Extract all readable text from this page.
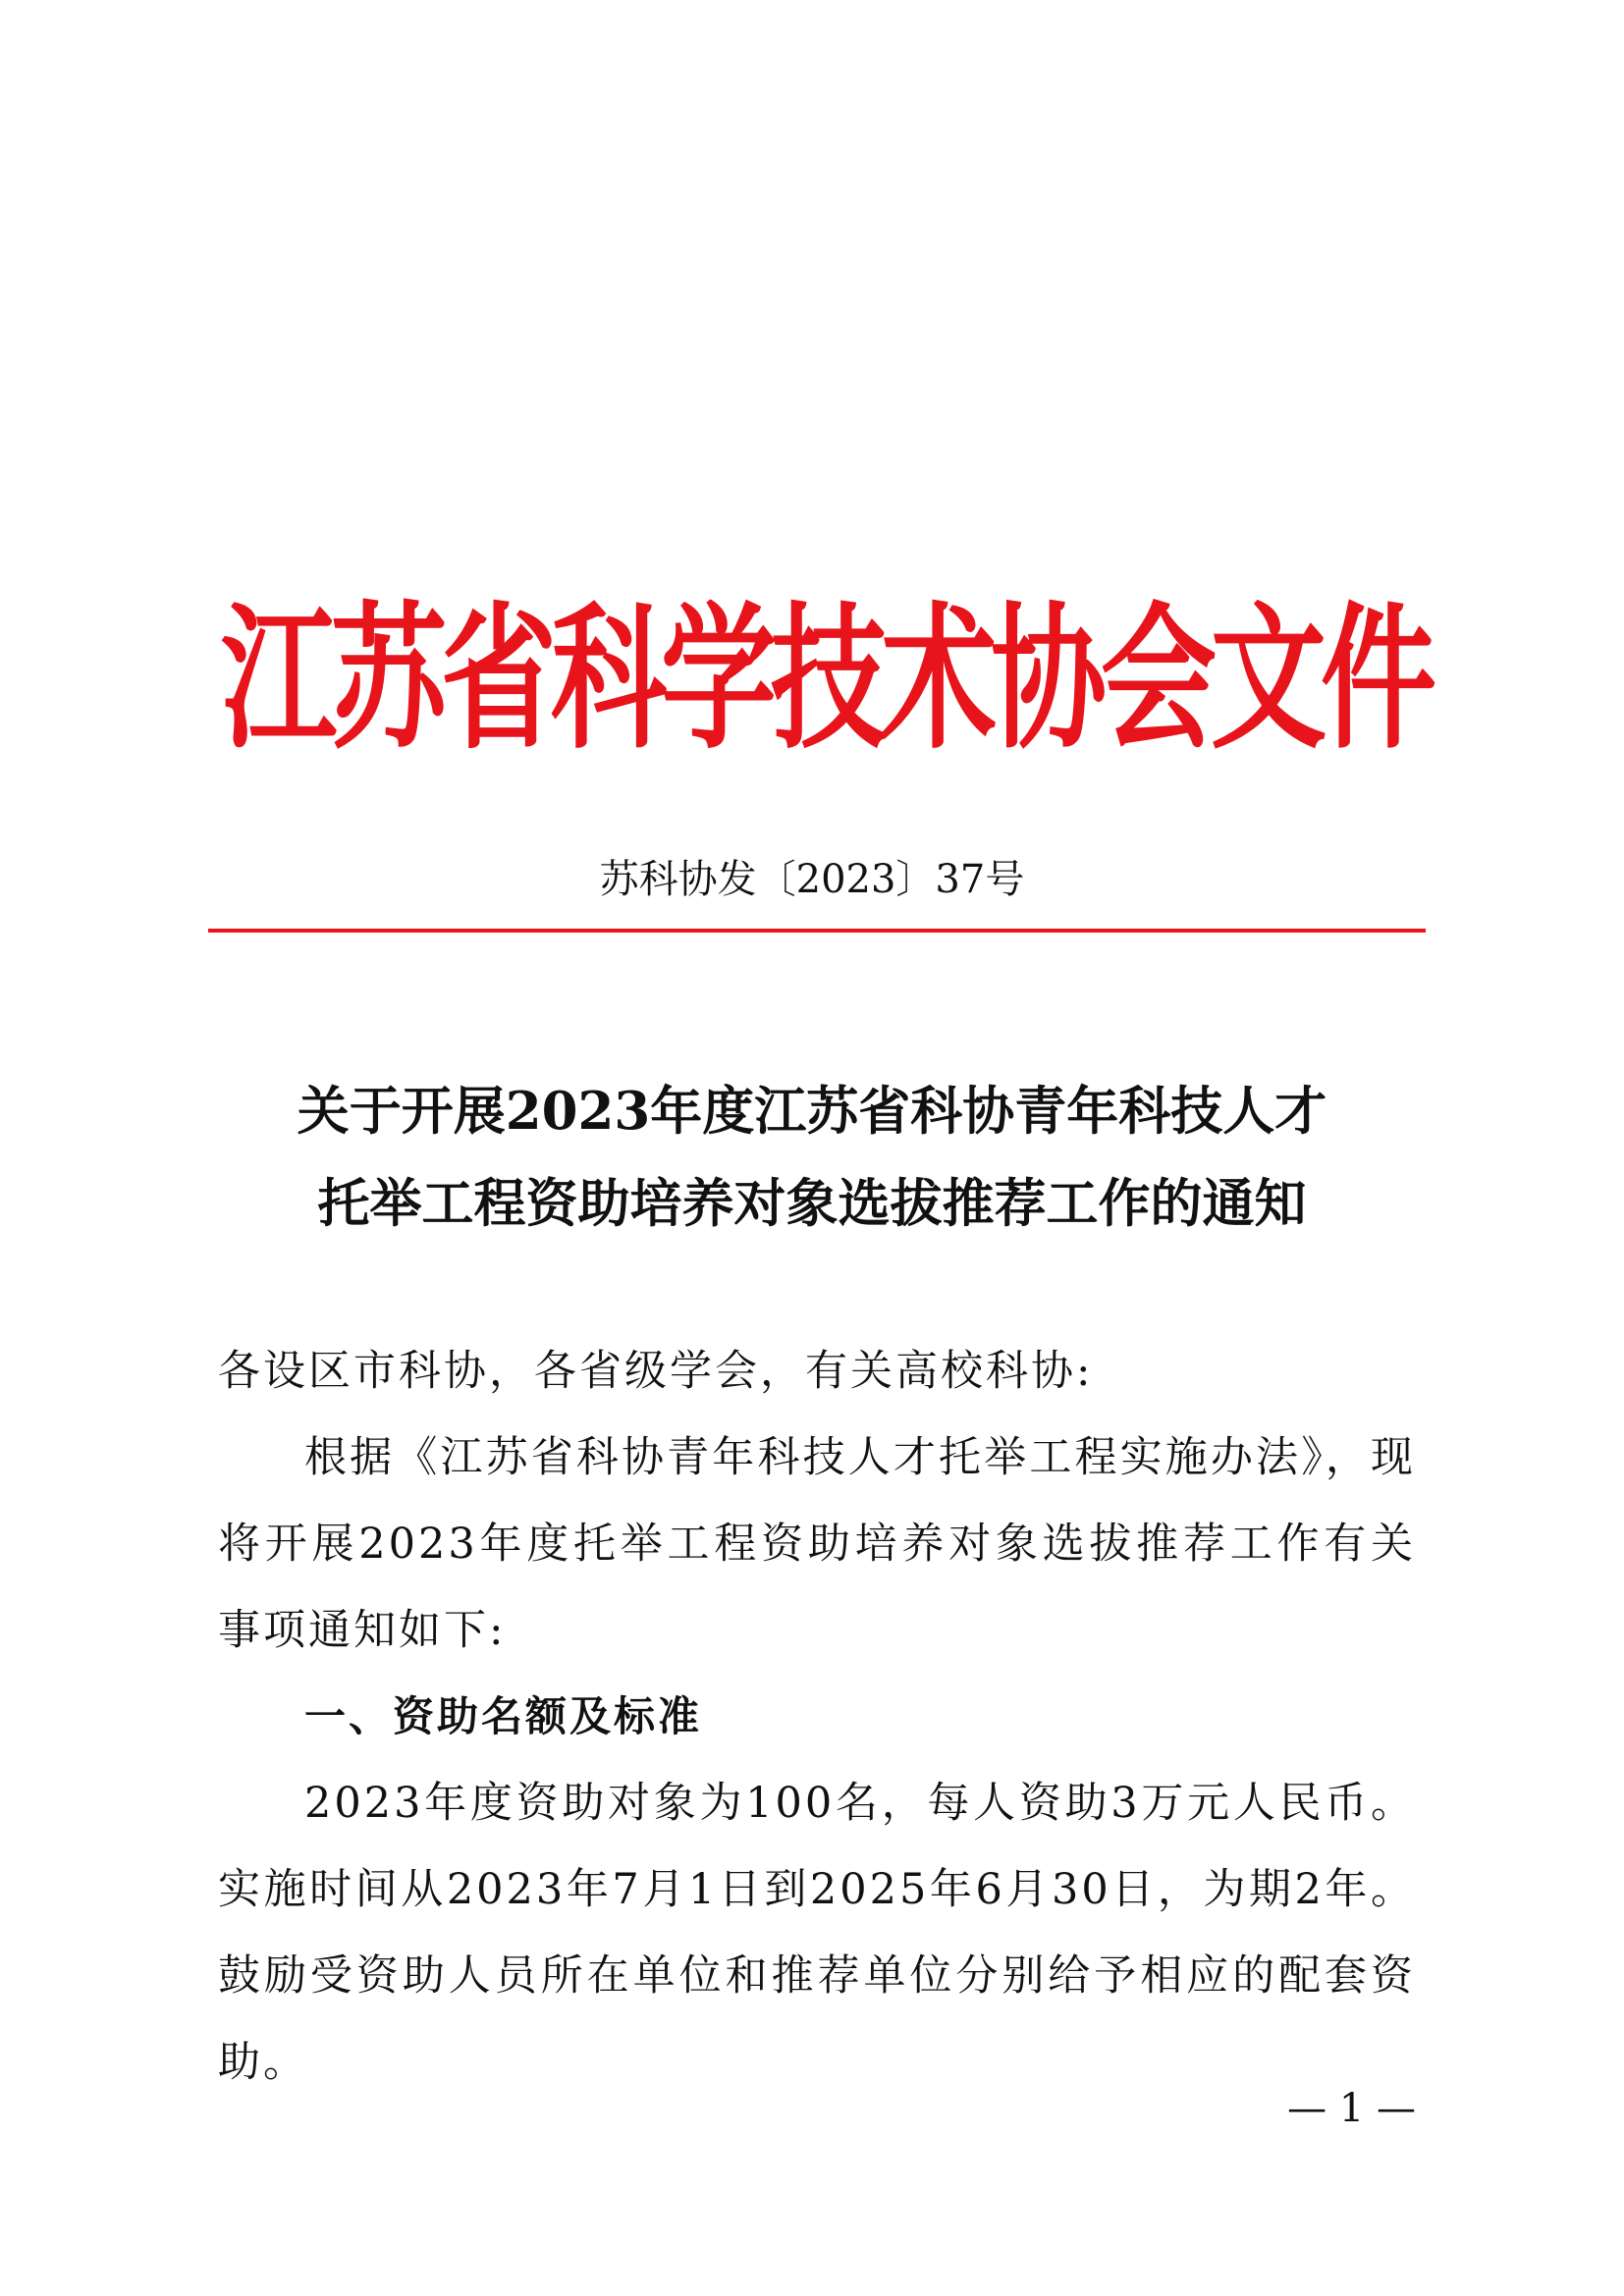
江苏省科学技术协会文件
苏科协发〔2023〕37号
关于开展2023年度江苏省科协青年科技人才
托举工程资助培养对象选拔推荐工作的通知

各设区市科协，各省级学会，有关高校科协:

根据《江苏省科协青年科技人才托举工程实施办法》，现将开展2023年度托举工程资助培养对象选拔推荐工作有关事项通知如下:

一、资助名额及标准

2023年度资助对象为100名，每人资助3万元人民币。实施时间从2023年7月1日到2025年6月30日，为期2年。鼓励受资助人员所在单位和推荐单位分别给予相应的配套资助。

— 1 —
